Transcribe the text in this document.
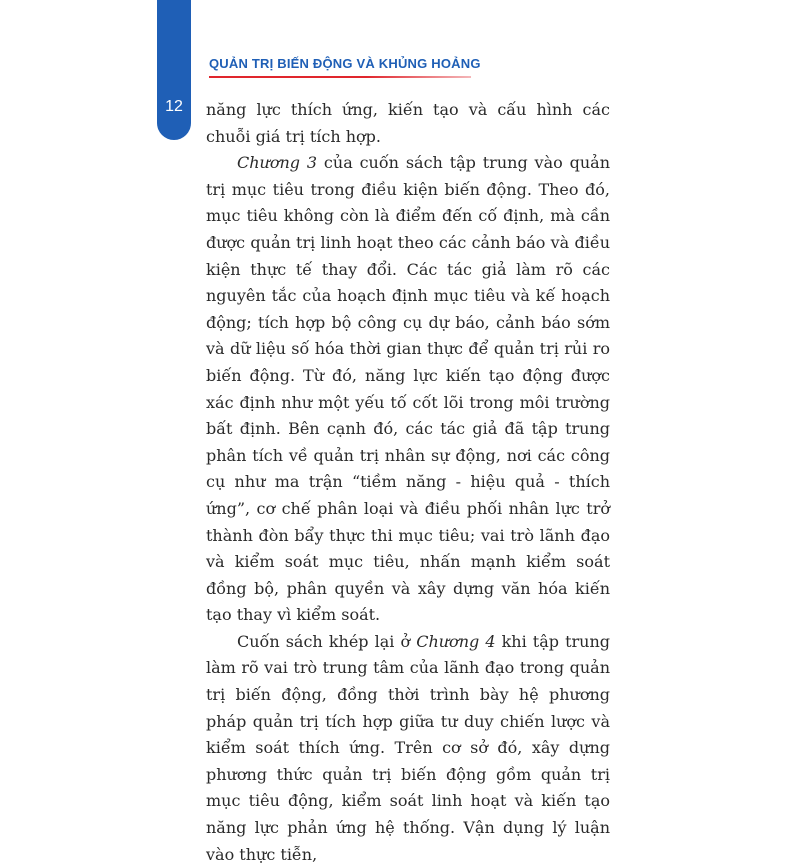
12
QUẢN TRỊ BIẾN ĐỘNG VÀ KHỦNG HOẢNG

năng lực thích ứng, kiến tạo và cấu hình các chuỗi giá trị tích hợp.

Chương 3 của cuốn sách tập trung vào quản trị mục tiêu trong điều kiện biến động. Theo đó, mục tiêu không còn là điểm đến cố định, mà cần được quản trị linh hoạt theo các cảnh báo và điều kiện thực tế thay đổi. Các tác giả làm rõ các nguyên tắc của hoạch định mục tiêu và kế hoạch động; tích hợp bộ công cụ dự báo, cảnh báo sớm và dữ liệu số hóa thời gian thực để quản trị rủi ro biến động. Từ đó, năng lực kiến tạo động được xác định như một yếu tố cốt lõi trong môi trường bất định. Bên cạnh đó, các tác giả đã tập trung phân tích về quản trị nhân sự động, nơi các công cụ như ma trận “tiềm năng - hiệu quả - thích ứng”, cơ chế phân loại và điều phối nhân lực trở thành đòn bẩy thực thi mục tiêu; vai trò lãnh đạo và kiểm soát mục tiêu, nhấn mạnh kiểm soát đồng bộ, phân quyền và xây dựng văn hóa kiến tạo thay vì kiểm soát.

Cuốn sách khép lại ở Chương 4 khi tập trung làm rõ vai trò trung tâm của lãnh đạo trong quản trị biến động, đồng thời trình bày hệ phương pháp quản trị tích hợp giữa tư duy chiến lược và kiểm soát thích ứng. Trên cơ sở đó, xây dựng phương thức quản trị biến động gồm quản trị mục tiêu động, kiểm soát linh hoạt và kiến tạo năng lực phản ứng hệ thống. Vận dụng lý luận vào thực tiễn,
